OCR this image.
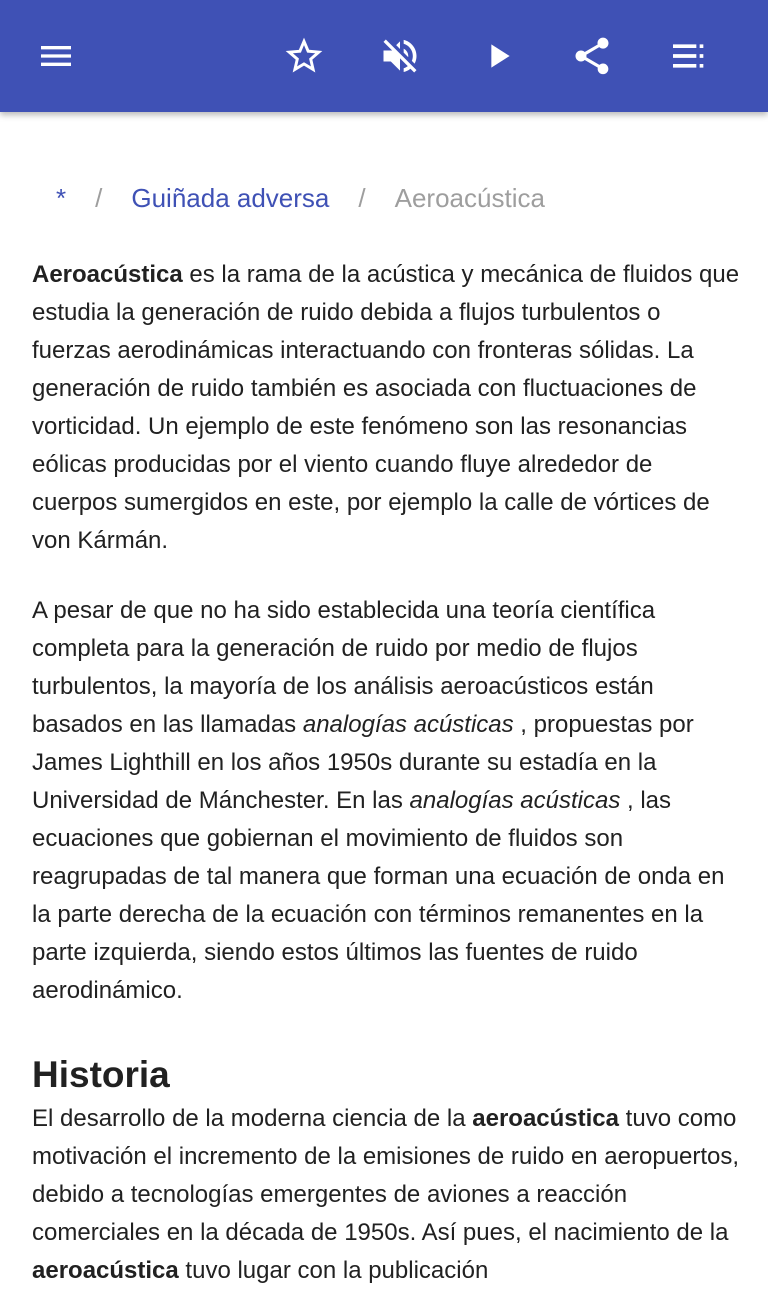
* / Guiñada adversa / Aeroacústica

Aeroacústica es la rama de la acústica y mecánica de fluidos que estudia la generación de ruido debida a flujos turbulentos o fuerzas aerodinámicas interactuando con fronteras sólidas. La generación de ruido también es asociada con fluctuaciones de vorticidad. Un ejemplo de este fenómeno son las resonancias eólicas producidas por el viento cuando fluye alrededor de cuerpos sumergidos en este, por ejemplo la calle de vórtices de von Kármán.

A pesar de que no ha sido establecida una teoría científica completa para la generación de ruido por medio de flujos turbulentos, la mayoría de los análisis aeroacústicos están basados en las llamadas analogías acústicas , propuestas por James Lighthill en los años 1950s durante su estadía en la Universidad de Mánchester. En las analogías acústicas , las ecuaciones que gobiernan el movimiento de fluidos son reagrupadas de tal manera que forman una ecuación de onda en la parte derecha de la ecuación con términos remanentes en la parte izquierda, siendo estos últimos las fuentes de ruido aerodinámico.

Historia

El desarrollo de la moderna ciencia de la aeroacústica tuvo como motivación el incremento de la emisiones de ruido en aeropuertos, debido a tecnologías emergentes de aviones a reacción comerciales en la década de 1950s. Así pues, el nacimiento de la aeroacústica tuvo lugar con la publicación
